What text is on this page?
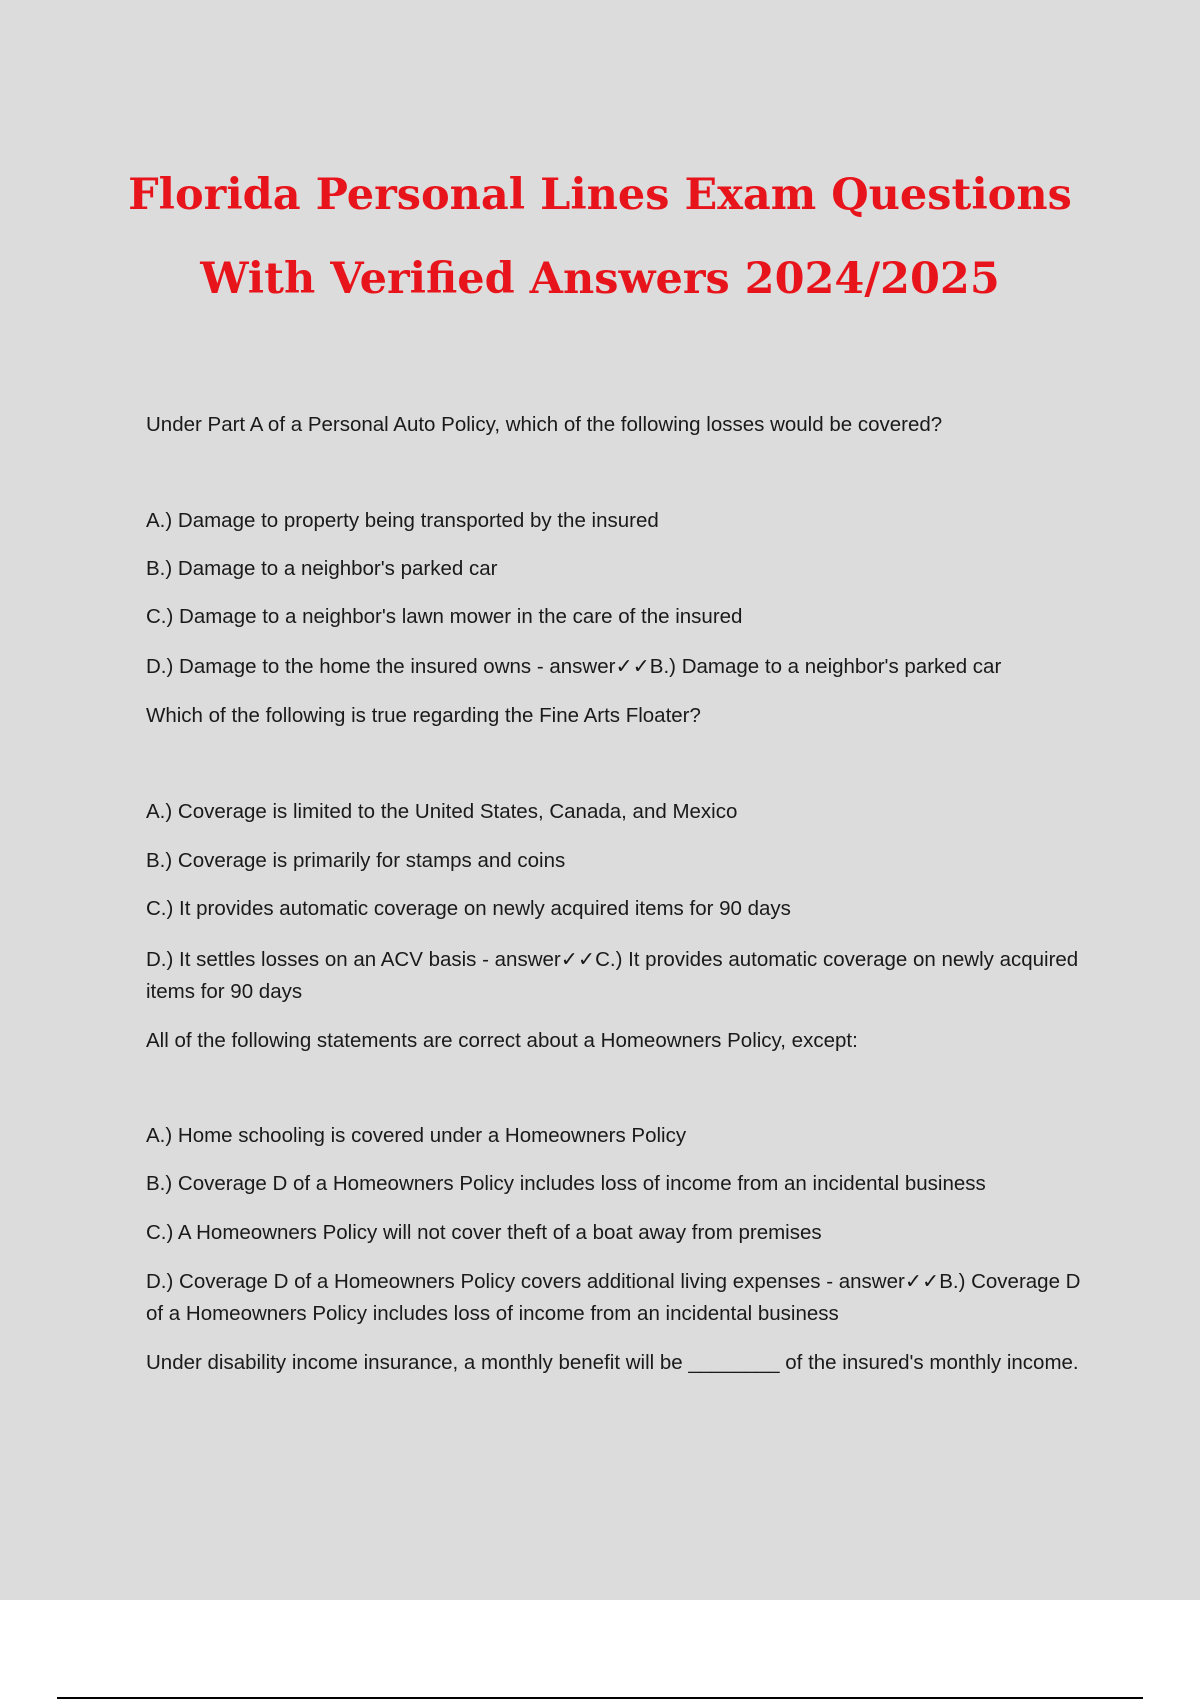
Florida Personal Lines Exam Questions
With Verified Answers 2024/2025
Under Part A of a Personal Auto Policy, which of the following losses would be covered?
A.) Damage to property being transported by the insured
B.) Damage to a neighbor's parked car
C.) Damage to a neighbor's lawn mower in the care of the insured
D.) Damage to the home the insured owns - answer✓✓B.) Damage to a neighbor's parked car
Which of the following is true regarding the Fine Arts Floater?
A.) Coverage is limited to the United States, Canada, and Mexico
B.) Coverage is primarily for stamps and coins
C.) It provides automatic coverage on newly acquired items for 90 days
D.) It settles losses on an ACV basis - answer✓✓C.) It provides automatic coverage on newly acquired items for 90 days
All of the following statements are correct about a Homeowners Policy, except:
A.) Home schooling is covered under a Homeowners Policy
B.) Coverage D of a Homeowners Policy includes loss of income from an incidental business
C.) A Homeowners Policy will not cover theft of a boat away from premises
D.) Coverage D of a Homeowners Policy covers additional living expenses - answer✓✓B.) Coverage D of a Homeowners Policy includes loss of income from an incidental business
Under disability income insurance, a monthly benefit will be ________ of the insured's monthly income.
